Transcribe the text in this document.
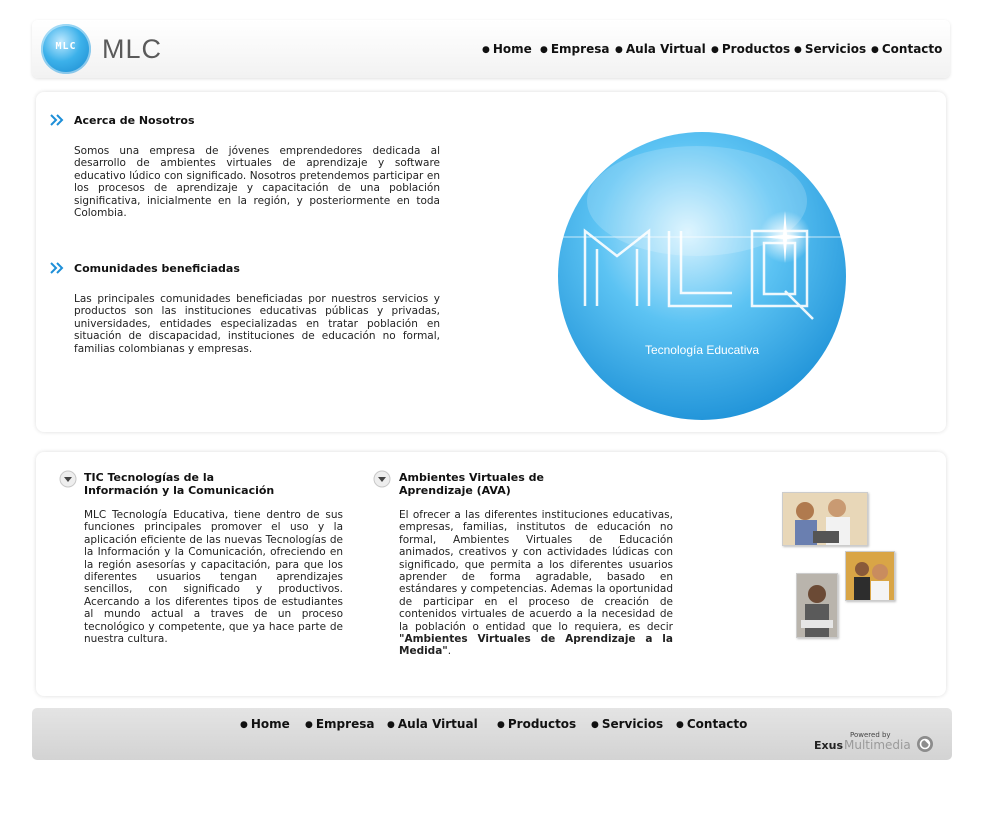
MLC MLC	● Home ● Empresa ● Aula Virtual ● Productos ● Servicios ● Contacto
Acerca de Nosotros
Somos una empresa de jóvenes emprendedores dedicada al desarrollo de ambientes virtuales de aprendizaje y software educativo lúdico con significado. Nosotros pretendemos participar en los procesos de aprendizaje y capacitación de una población significativa, inicialmente en la región, y posteriormente en toda Colombia.
Comunidades beneficiadas
Las principales comunidades beneficiadas por nuestros servicios y productos son las instituciones educativas públicas y privadas, universidades, entidades especializadas en tratar población en situación de discapacidad, instituciones de educación no formal, familias colombianas y empresas.	Tecnología Educativa
TIC Tecnologías de la
Información y la Comunicación
MLC Tecnología Educativa, tiene dentro de sus funciones principales promover el uso y la aplicación eficiente de las nuevas Tecnologías de la Información y la Comunicación, ofreciendo en la región asesorías y capacitación, para que los diferentes usuarios tengan aprendizajes sencillos, con significado y productivos. Acercando a los diferentes tipos de estudiantes al mundo actual a traves de un proceso tecnológico y competente, que ya hace parte de nuestra cultura.
Ambientes Virtuales de
Aprendizaje (AVA)
El ofrecer a las diferentes instituciones educativas, empresas, familias, institutos de educación no formal, Ambientes Virtuales de Educación animados, creativos y con actividades lúdicas con significado, que permita a los diferentes usuarios aprender de forma agradable, basado en estándares y competencias. Ademas la oportunidad de participar en el proceso de creación de contenidos virtuales de acuerdo a la necesidad de la población o entidad que lo requiera, es decir "Ambientes Virtuales de Aprendizaje a la Medida".
● Home ● Empresa ● Aula Virtual ● Productos ● Servicios ● Contacto
Powered by
Exus Multimedia
